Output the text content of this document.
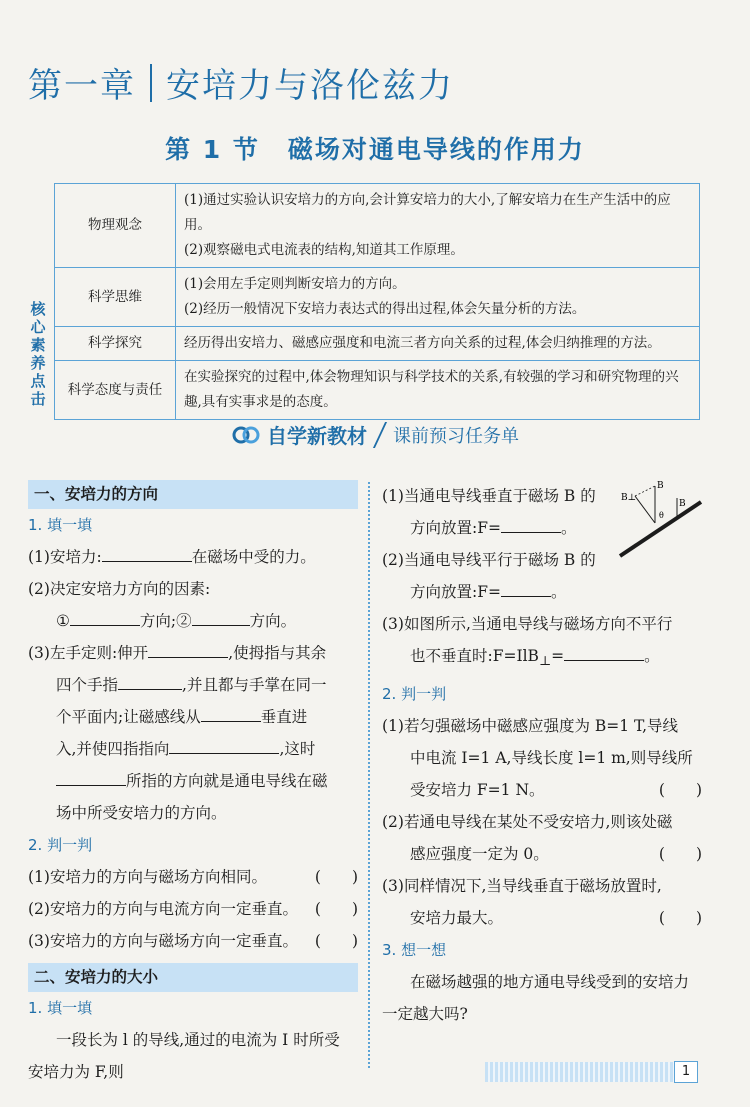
第一章 安培力与洛伦兹力
第 1 节 磁场对通电导线的作用力
核心素养点击
物理观念	(1)通过实验认识安培力的方向,会计算安培力的大小,了解安培力在生产生活中的应用。
(2)观察磁电式电流表的结构,知道其工作原理。

科学思维	(1)会用左手定则判断安培力的方向。
(2)经历一般情况下安培力表达式的得出过程,体会矢量分析的方法。

科学探究	经历得出安培力、磁感应强度和电流三者方向关系的过程,体会归纳推理的方法。

科学态度与责任	在实验探究的过程中,体会物理知识与科学技术的关系,有较强的学习和研究物理的兴趣,具有实事求是的态度。
自学新教材 课前预习任务单
一、安培力的方向
1. 填一填
(1)安培力:	在磁场中受的力。
(2)决定安培力方向的因素:
①	方向;②	方向。
(3)左手定则:伸开	,使拇指与其余
四个手指	,并且都与手掌在同一
个平面内;让磁感线从	垂直进
入,并使四指指向	,这时
所指的方向就是通电导线在磁
场中所受安培力的方向。
2. 判一判
(1)安培力的方向与磁场方向相同。	(　　)
(2)安培力的方向与电流方向一定垂直。 (　　)
(3)安培力的方向与磁场方向一定垂直。 (　　)
二、安培力的大小
1. 填一填
一段长为 l 的导线,通过的电流为 I 时所受
安培力为 F,则
(1)当通电导线垂直于磁场 B 的
方向放置:F=	。
(2)当通电导线平行于磁场 B 的
方向放置:F=	。
(3)如图所示,当通电导线与磁场方向不平行
也不垂直时:F=IlB$_\perp$=	。
2. 判一判
(1)若匀强磁场中磁感应强度为 B=1 T,导线
中电流 I=1 A,导线长度 l=1 m,则导线所
受安培力 F=1 N。	(　　)
(2)若通电导线在某处不受安培力,则该处磁
感应强度一定为 0。	(　　)
(3)同样情况下,当导线垂直于磁场放置时,
安培力最大。	(　　)
3. 想一想
在磁场越强的地方通电导线受到的安培力
一定越大吗?
B⊥
B
B
θ
1
